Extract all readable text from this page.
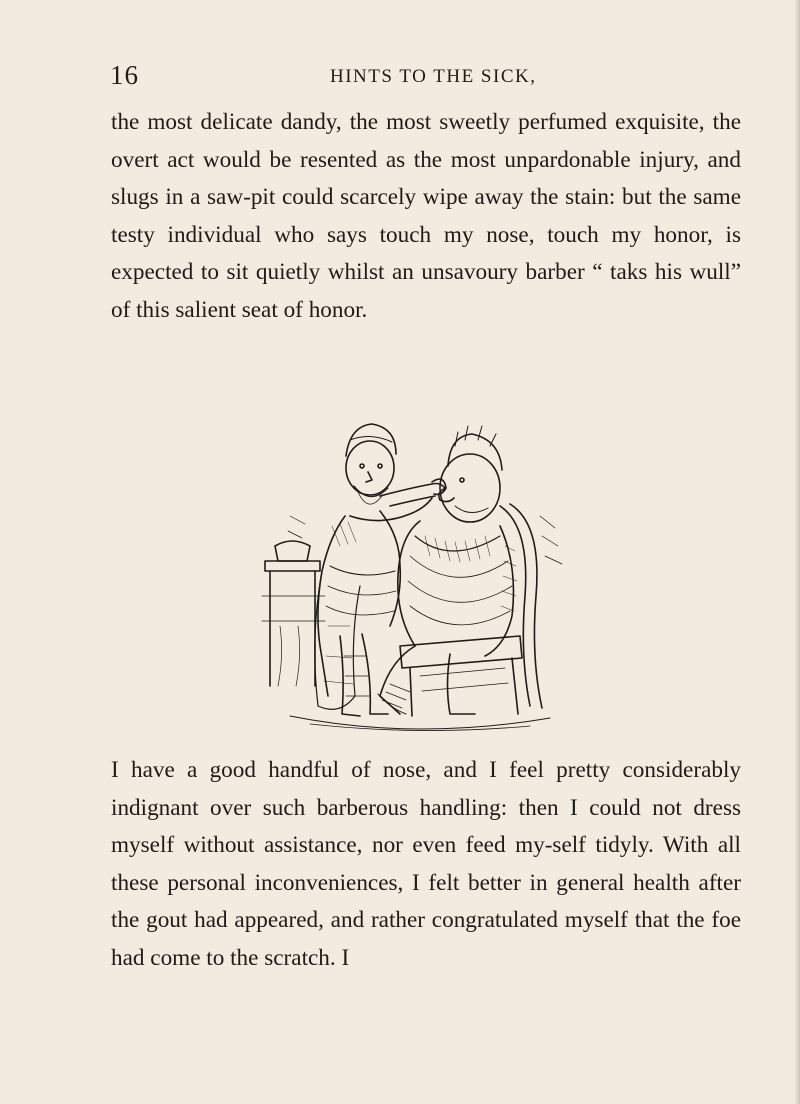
16	HINTS TO THE SICK,

the most delicate dandy, the most sweetly perfumed exquisite, the overt act would be resented as the most unpardonable injury, and slugs in a saw-pit could scarcely wipe away the stain: but the same testy individual who says touch my nose, touch my honor, is expected to sit quietly whilst an unsavoury barber “ taks his wull” of this salient seat of honor.

I have a good handful of nose, and I feel pretty considerably indignant over such barberous handling: then I could not dress myself without assistance, nor even feed my-self tidyly. With all these personal inconveniences, I felt better in general health after the gout had appeared, and rather congratulated myself that the foe had come to the scratch. I
